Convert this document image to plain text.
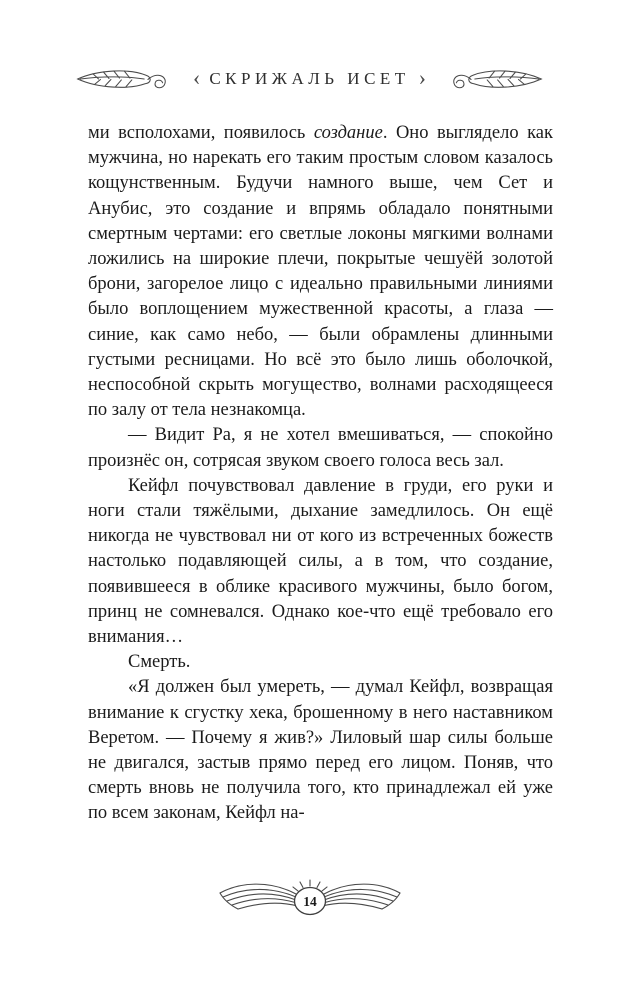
‹ СКРИЖАЛЬ ИСЕТ ›

ми всполохами, появилось создание. Оно выглядело как мужчина, но нарекать его таким простым словом казалось кощунственным. Будучи намного выше, чем Сет и Анубис, это создание и впрямь обладало понятными смертным чертами: его светлые локоны мягкими волнами ложились на широкие плечи, покрытые чешуёй золотой брони, загорелое лицо с идеально правильными линиями было воплощением мужественной красоты, а глаза — синие, как само небо, — были обрамлены длинными густыми ресницами. Но всё это было лишь оболочкой, неспособной скрыть могущество, волнами расходящееся по залу от тела незнакомца.

— Видит Ра, я не хотел вмешиваться, — спокойно произнёс он, сотрясая звуком своего голоса весь зал.

Кейфл почувствовал давление в груди, его руки и ноги стали тяжёлыми, дыхание замедлилось. Он ещё никогда не чувствовал ни от кого из встреченных божеств настолько подавляющей силы, а в том, что создание, появившееся в облике красивого мужчины, было богом, принц не сомневался. Однако кое-что ещё требовало его внимания…

Смерть.

«Я должен был умереть, — думал Кейфл, возвращая внимание к сгустку хека, брошенному в него наставником Веретом. — Почему я жив?» Лиловый шар силы больше не двигался, застыв прямо перед его лицом. Поняв, что смерть вновь не получила того, кто принадлежал ей уже по всем законам, Кейфл на-

14
